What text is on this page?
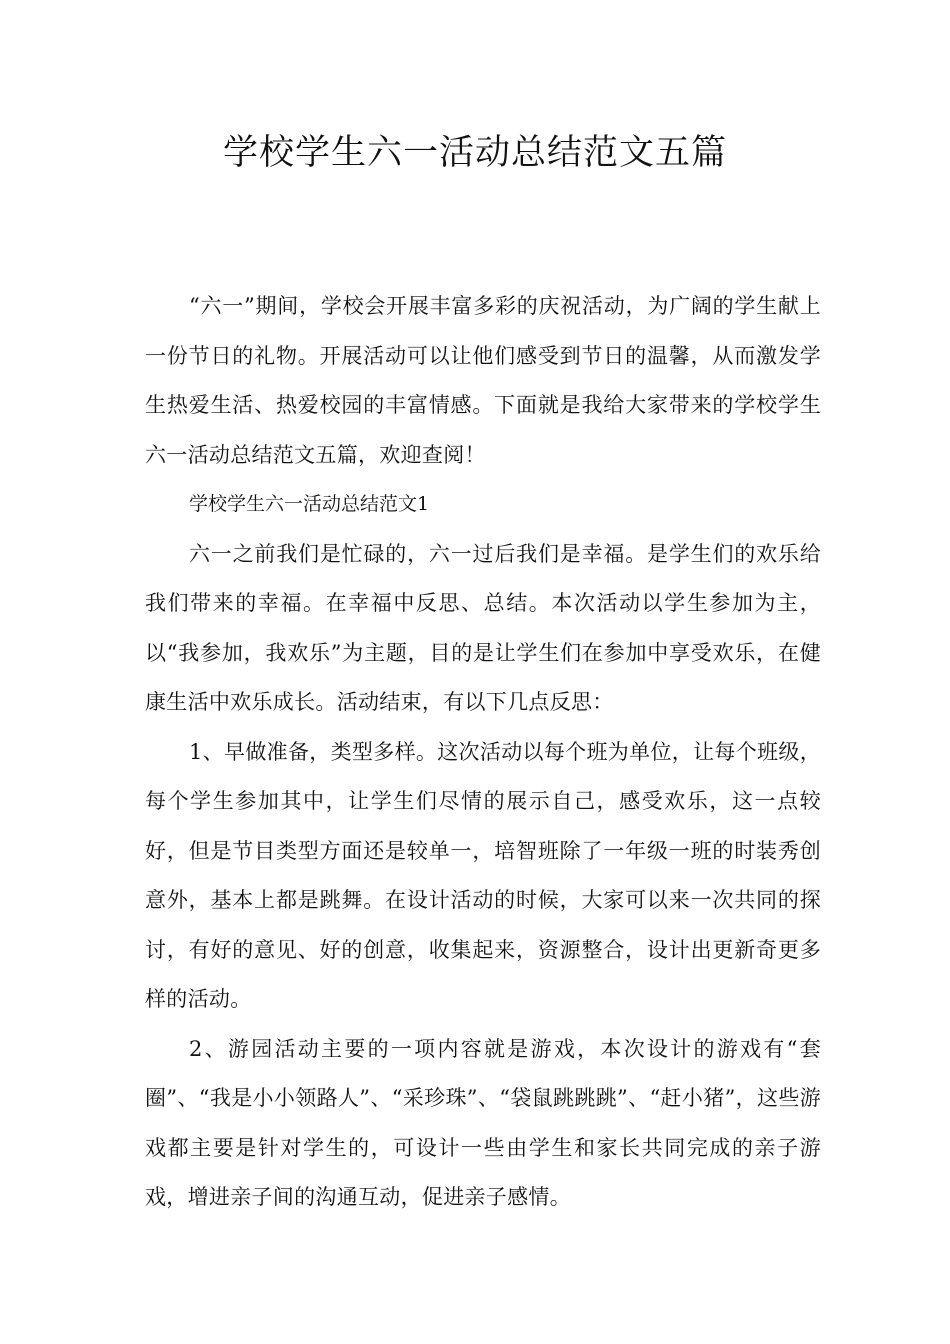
学校学生六一活动总结范文五篇

“六一”期间，学校会开展丰富多彩的庆祝活动，为广阔的学生献上一份节日的礼物。开展活动可以让他们感受到节日的温馨，从而激发学生热爱生活、热爱校园的丰富情感。下面就是我给大家带来的学校学生六一活动总结范文五篇，欢迎查阅！

学校学生六一活动总结范文1

六一之前我们是忙碌的，六一过后我们是幸福。是学生们的欢乐给我们带来的幸福。在幸福中反思、总结。本次活动以学生参加为主，以“我参加，我欢乐”为主题，目的是让学生们在参加中享受欢乐，在健康生活中欢乐成长。活动结束，有以下几点反思：

1、早做准备，类型多样。这次活动以每个班为单位，让每个班级，每个学生参加其中，让学生们尽情的展示自己，感受欢乐，这一点较好，但是节目类型方面还是较单一，培智班除了一年级一班的时装秀创意外，基本上都是跳舞。在设计活动的时候，大家可以来一次共同的探讨，有好的意见、好的创意，收集起来，资源整合，设计出更新奇更多样的活动。

2、游园活动主要的一项内容就是游戏，本次设计的游戏有“套圈”、“我是小小领路人”、“采珍珠”、“袋鼠跳跳跳”、“赶小猪”，这些游戏都主要是针对学生的，可设计一些由学生和家长共同完成的亲子游戏，增进亲子间的沟通互动，促进亲子感情。
